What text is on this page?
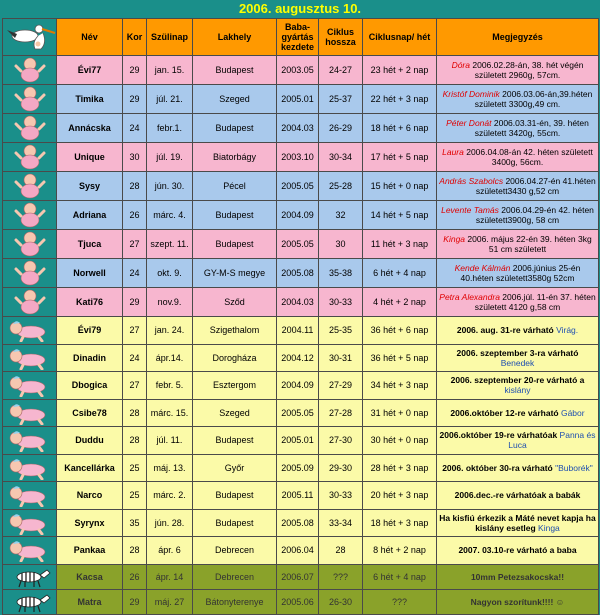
2006. augusztus 10.
	Név	Kor	Szülinap	Lakhely	Baba-gyártás kezdete	Ciklus hossza	Ciklusnap/ hét	Megjegyzés

	Évi77	29	jan. 15.	Budapest	2003.05	24-27	23 hét + 2 nap	Dóra 2006.02.28-án, 38. hét végén született 2960g, 57cm.

	Timika	29	júl. 21.	Szeged	2005.01	25-37	22 hét + 3 nap	Kristóf Dominik 2006.03.06-án,39.héten született 3300g,49 cm.

	Annácska	24	febr.1.	Budapest	2004.03	26-29	18 hét + 6 nap	Péter Donát 2006.03.31-én, 39. héten született 3420g, 55cm.

	Unique	30	júl. 19.	Biatorbágy	2003.10	30-34	17 hét + 5 nap	Laura 2006.04.08-án 42. héten született 3400g, 56cm.

	Sysy	28	jún. 30.	Pécel	2005.05	25-28	15 hét + 0 nap	András Szabolcs 2006.04.27-én 41.héten született3430 g,52 cm

	Adriana	26	márc. 4.	Budapest	2004.09	32	14 hét + 5 nap	Levente Tamás 2006.04.29-én 42. héten született3900g, 58 cm

	Tjuca	27	szept. 11.	Budapest	2005.05	30	11 hét + 3 nap	Kinga 2006. május 22-én 39. héten 3kg 51 cm született

	Norwell	24	okt. 9.	GY-M-S megye	2005.08	35-38	6 hét + 4 nap	Kende Kálmán 2006.június 25-én 40.héten született3580g 52cm

	Kati76	29	nov.9.	Sződ	2004.03	30-33	4 hét + 2 nap	Petra Alexandra 2006.júl. 11-én 37. héten született 4120 g,58 cm

	Évi79	27	jan. 24.	Szigethalom	2004.11	25-35	36 hét + 6 nap	2006. aug. 31-re várható Virág.

	Dinadin	24	ápr.14.	Dorogháza	2004.12	30-31	36 hét + 5 nap	2006. szeptember 3-ra várható Benedek

	Dbogica	27	febr. 5.	Esztergom	2004.09	27-29	34 hét + 3 nap	2006. szeptember 20-re várható a kislány

	Csibe78	28	márc. 15.	Szeged	2005.05	27-28	31 hét + 0 nap	2006.október 12-re várható Gábor

	Duddu	28	júl. 11.	Budapest	2005.01	27-30	30 hét + 0 nap	2006.október 19-re várhatóak Panna és Luca

	Kancellárka	25	máj. 13.	Győr	2005.09	29-30	28 hét + 3 nap	2006. október 30-ra várható "Buborék"

	Narco	25	márc. 2.	Budapest	2005.11	30-33	20 hét + 3 nap	2006.dec.-re várhatóak a babák

	Syrynx	35	jún. 28.	Budapest	2005.08	33-34	18 hét + 3 nap	Ha kisfiú érkezik a Máté nevet kapja ha kislány esetleg Kinga

	Pankaa	28	ápr. 6	Debrecen	2006.04	28	8 hét + 2 nap	2007. 03.10-re várható a baba

	Kacsa	26	ápr. 14	Debrecen	2006.07	???	6 hét + 4 nap	10mm Petezsakocska!!

	Matra	29	máj. 27	Bátonyterenye	2005.06	26-30	???	Nagyon szorítunk!!!! ☺
